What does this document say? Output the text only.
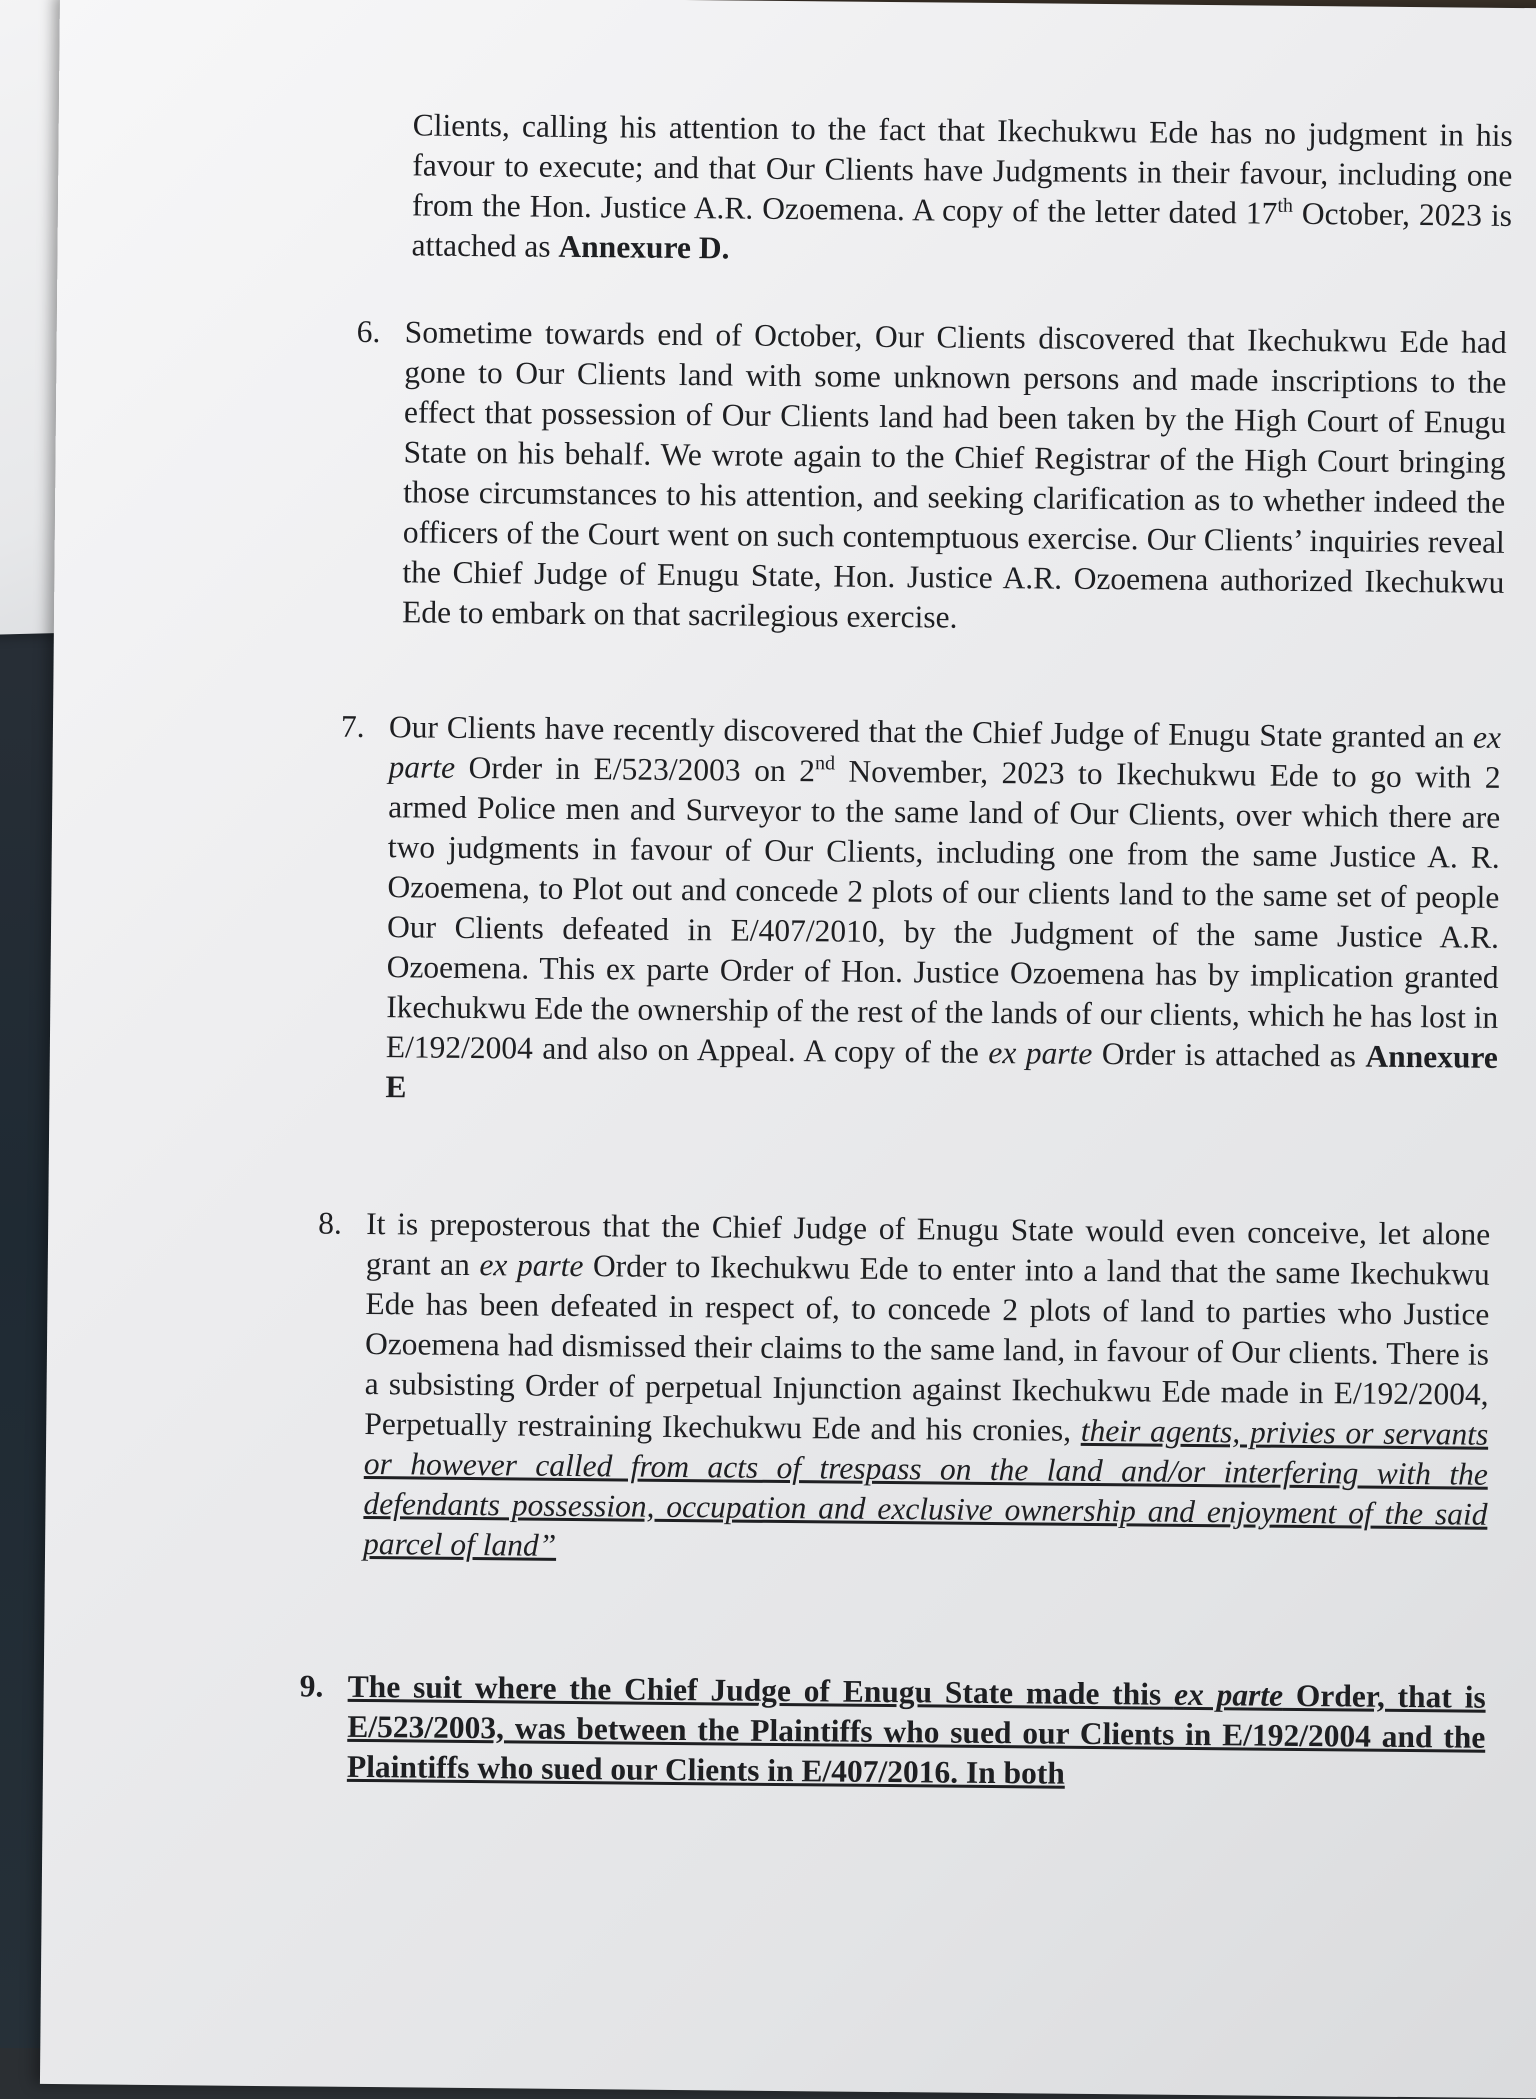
Clients, calling his attention to the fact that Ikechukwu Ede has no judgment in his favour to execute; and that Our Clients have Judgments in their favour, including one from the Hon. Justice A.R. Ozoemena. A copy of the letter dated 17th October, 2023 is attached as Annexure D.
6. Sometime towards end of October, Our Clients discovered that Ikechukwu Ede had gone to Our Clients land with some unknown persons and made inscriptions to the effect that possession of Our Clients land had been taken by the High Court of Enugu State on his behalf. We wrote again to the Chief Registrar of the High Court bringing those circumstances to his attention, and seeking clarification as to whether indeed the officers of the Court went on such contemptuous exercise. Our Clients’ inquiries reveal the Chief Judge of Enugu State, Hon. Justice A.R. Ozoemena authorized Ikechukwu Ede to embark on that sacrilegious exercise.
7. Our Clients have recently discovered that the Chief Judge of Enugu State granted an ex parte Order in E/523/2003 on 2nd November, 2023 to Ikechukwu Ede to go with 2 armed Police men and Surveyor to the same land of Our Clients, over which there are two judgments in favour of Our Clients, including one from the same Justice A. R. Ozoemena, to Plot out and concede 2 plots of our clients land to the same set of people Our Clients defeated in E/407/2010, by the Judgment of the same Justice A.R. Ozoemena. This ex parte Order of Hon. Justice Ozoemena has by implication granted Ikechukwu Ede the ownership of the rest of the lands of our clients, which he has lost in E/192/2004 and also on Appeal. A copy of the ex parte Order is attached as Annexure E
8. It is preposterous that the Chief Judge of Enugu State would even conceive, let alone grant an ex parte Order to Ikechukwu Ede to enter into a land that the same Ikechukwu Ede has been defeated in respect of, to concede 2 plots of land to parties who Justice Ozoemena had dismissed their claims to the same land, in favour of Our clients. There is a subsisting Order of perpetual Injunction against Ikechukwu Ede made in E/192/2004, Perpetually restraining Ikechukwu Ede and his cronies, their agents, privies or servants or however called from acts of trespass on the land and/or interfering with the defendants possession, occupation and exclusive ownership and enjoyment of the said parcel of land”
9. The suit where the Chief Judge of Enugu State made this ex parte Order, that is E/523/2003, was between the Plaintiffs who sued our Clients in E/192/2004 and the Plaintiffs who sued our Clients in E/407/2016. In both
